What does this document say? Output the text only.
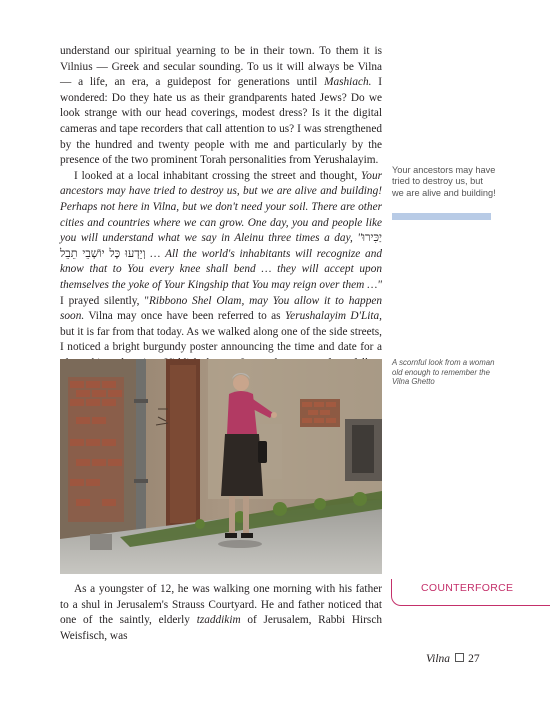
understand our spiritual yearning to be in their town. To them it is Vilnius — Greek and secular sounding. To us it will always be Vilna — a life, an era, a guidepost for generations until Mashiach. I wondered: Do they hate us as their grandparents hated Jews? Do we look strange with our head coverings, modest dress? Is it the digital cameras and tape recorders that call attention to us? I was strengthened by the hundred and twenty people with me and particularly by the presence of the two prominent Torah personalities from Yerushalayim.

I looked at a local inhabitant crossing the street and thought, Your ancestors may have tried to destroy us, but we are alive and building! Perhaps not here in Vilna, but we don't need your soil. There are other cities and countries where we can grow. One day, you and people like you will understand what we say in Aleinu three times a day, "יַכִּירוּ וְיֵדְעוּ כָּל יוֹשְׁבֵי תֵבֵל … All the world's inhabitants will recognize and know that to You every knee shall bend … they will accept upon themselves the yoke of Your Kingship that You may reign over them …" I prayed silently, "Ribbono Shel Olam, may You allow it to happen soon. Vilna may once have been referred to as Yerushalayim D'Lita, but it is far from that today. As we walked along one of the side streets, I noticed a bright burgundy poster announcing the time and date for a

Your ancestors may have tried to destroy us, but we are alive and building!
A scornful look from a woman old enough to remember the Vilna Ghetto

As a youngster of 12, he was walking one morning with his father to a shul in Jerusalem's Strauss Courtyard. He and father noticed that one of the saintly, elderly tzaddikim of Jerusalem, Rabbi Hirsch Weisfisch, was

COUNTERFORCE
Vilna 27
